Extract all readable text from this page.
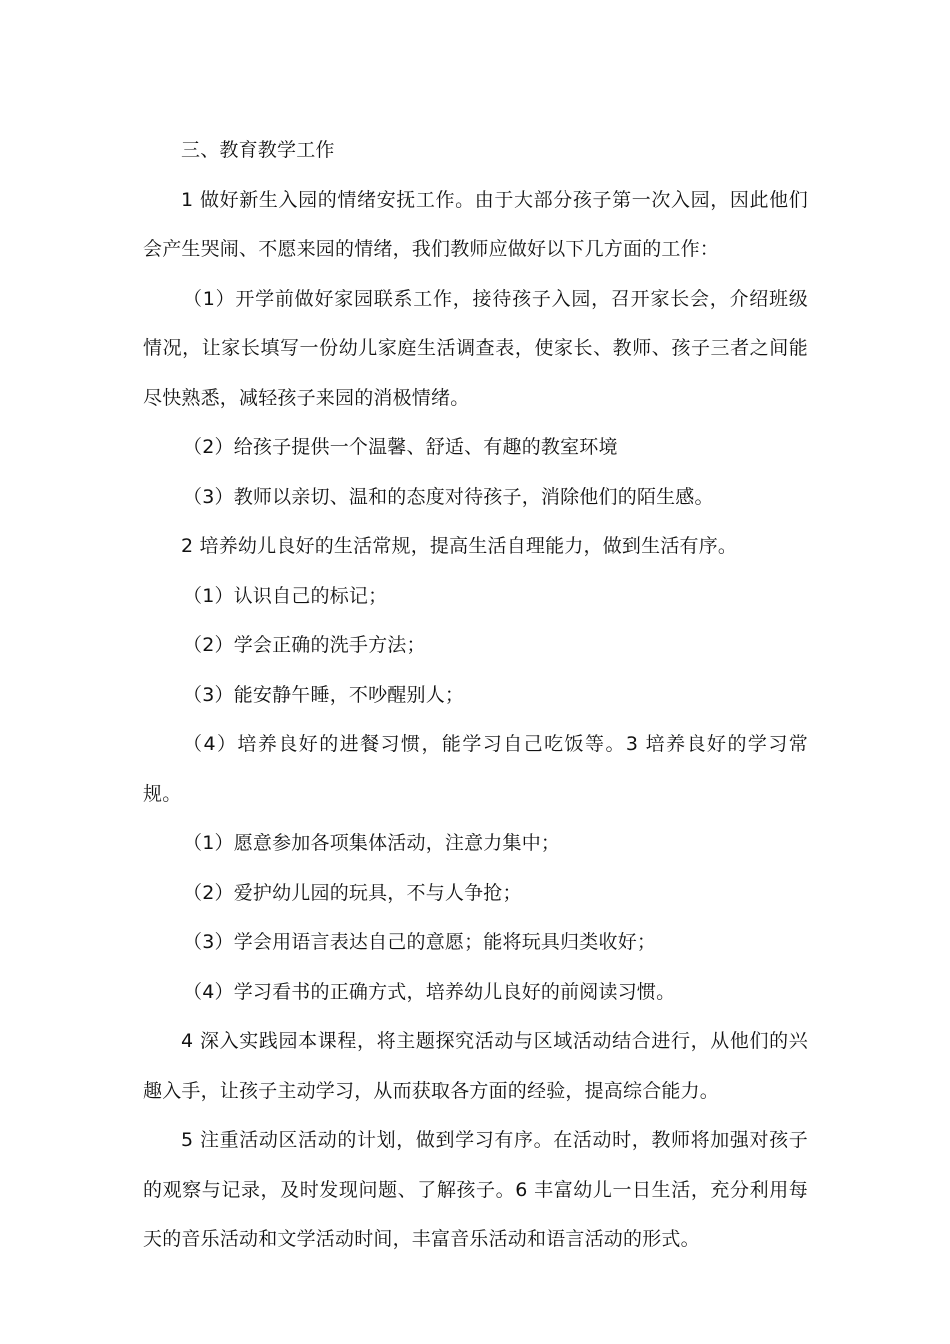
三、教育教学工作

1 做好新生入园的情绪安抚工作。由于大部分孩子第一次入园，因此他们会产生哭闹、不愿来园的情绪，我们教师应做好以下几方面的工作：

（1）开学前做好家园联系工作，接待孩子入园，召开家长会，介绍班级情况，让家长填写一份幼儿家庭生活调查表，使家长、教师、孩子三者之间能尽快熟悉，减轻孩子来园的消极情绪。

（2）给孩子提供一个温馨、舒适、有趣的教室环境

（3）教师以亲切、温和的态度对待孩子，消除他们的陌生感。

2 培养幼儿良好的生活常规，提高生活自理能力，做到生活有序。

（1）认识自己的标记；

（2）学会正确的洗手方法；

（3）能安静午睡，不吵醒别人；

（4）培养良好的进餐习惯，能学习自己吃饭等。3 培养良好的学习常规。

（1）愿意参加各项集体活动，注意力集中；

（2）爱护幼儿园的玩具，不与人争抢；

（3）学会用语言表达自己的意愿；能将玩具归类收好；

（4）学习看书的正确方式，培养幼儿良好的前阅读习惯。

4 深入实践园本课程，将主题探究活动与区域活动结合进行，从他们的兴趣入手，让孩子主动学习，从而获取各方面的经验，提高综合能力。

5 注重活动区活动的计划，做到学习有序。在活动时，教师将加强对孩子的观察与记录，及时发现问题、了解孩子。6 丰富幼儿一日生活，充分利用每天的音乐活动和文学活动时间，丰富音乐活动和语言活动的形式。
